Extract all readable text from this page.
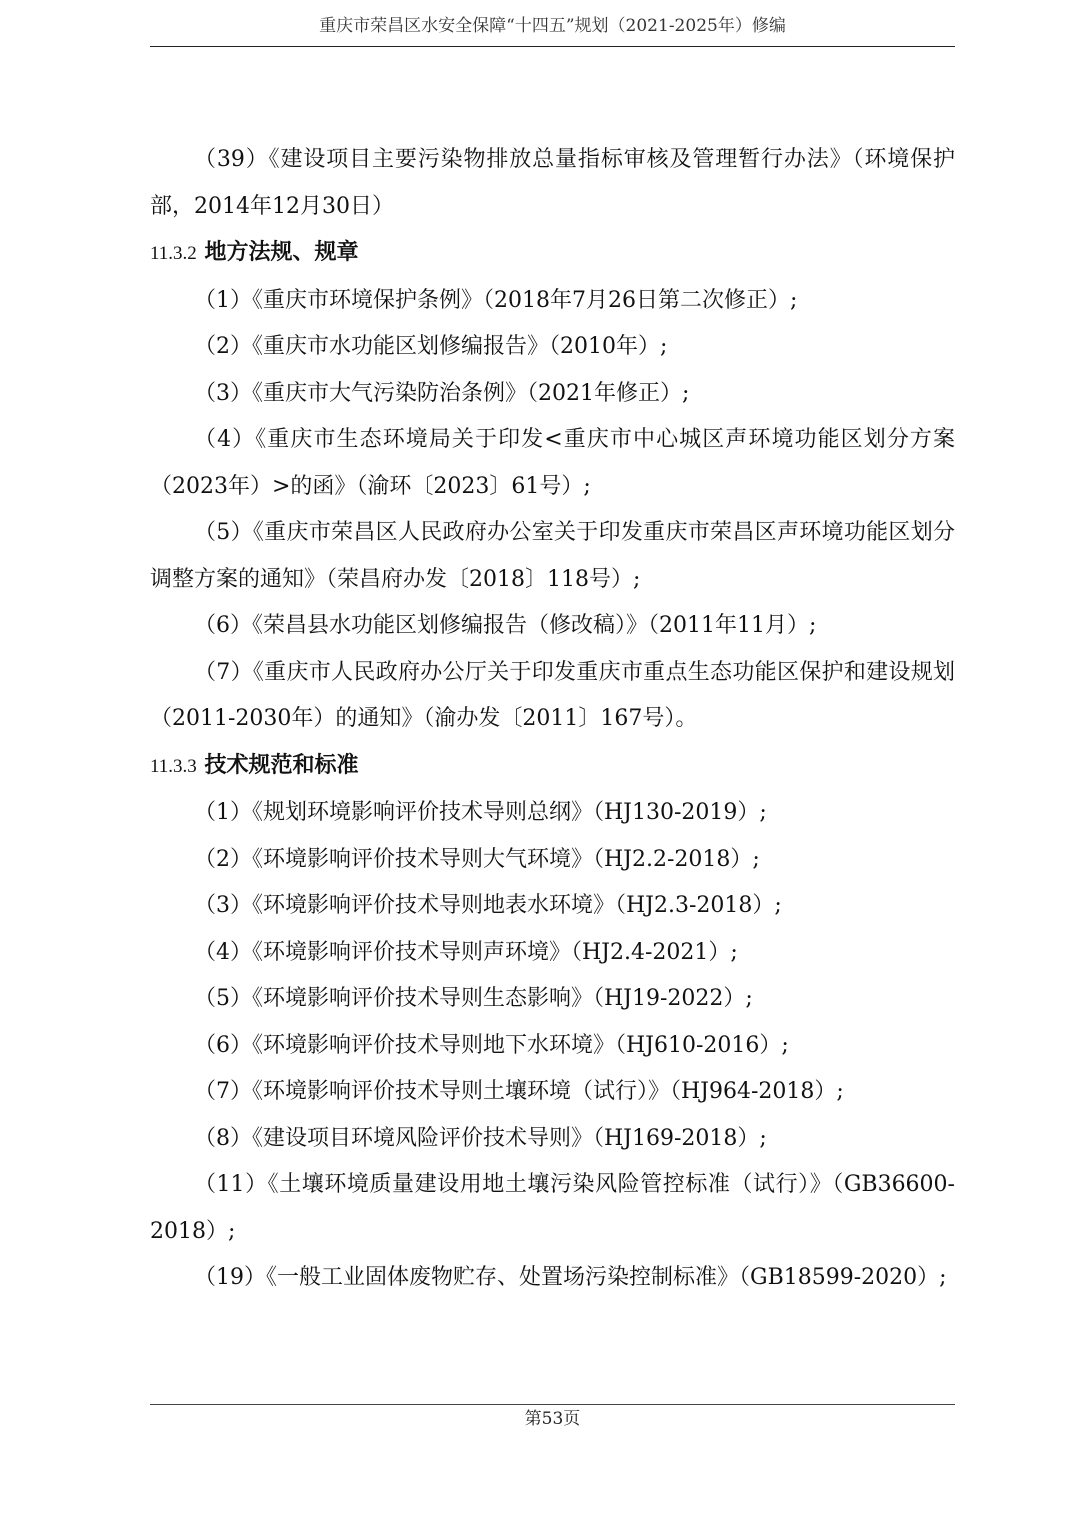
重庆市荣昌区水安全保障“十四五”规划（2021-2025年）修编

（39）《建设项目主要污染物排放总量指标审核及管理暂行办法》（环境保护部，2014年12月30日）

11.3.2 地方法规、规章

（1）《重庆市环境保护条例》（2018年7月26日第二次修正）;

（2）《重庆市水功能区划修编报告》（2010年）;

（3）《重庆市大气污染防治条例》（2021年修正）;

（4）《重庆市生态环境局关于印发<重庆市中心城区声环境功能区划分方案（2023年）>的函》（渝环〔2023〕61号）;

（5）《重庆市荣昌区人民政府办公室关于印发重庆市荣昌区声环境功能区划分调整方案的通知》（荣昌府办发〔2018〕118号）;

（6）《荣昌县水功能区划修编报告（修改稿）》（2011年11月）;

（7）《重庆市人民政府办公厅关于印发重庆市重点生态功能区保护和建设规划（2011-2030年）的通知》（渝办发〔2011〕167号）。

11.3.3 技术规范和标准

（1）《规划环境影响评价技术导则总纲》（HJ130-2019）;

（2）《环境影响评价技术导则大气环境》（HJ2.2-2018）;

（3）《环境影响评价技术导则地表水环境》（HJ2.3-2018）;

（4）《环境影响评价技术导则声环境》（HJ2.4-2021）;

（5）《环境影响评价技术导则生态影响》（HJ19-2022）;

（6）《环境影响评价技术导则地下水环境》（HJ610-2016）;

（7）《环境影响评价技术导则土壤环境（试行）》（HJ964-2018）;

（8）《建设项目环境风险评价技术导则》（HJ169-2018）;

（11）《土壤环境质量建设用地土壤污染风险管控标准（试行）》（GB36600-2018）;

（19）《一般工业固体废物贮存、处置场污染控制标准》（GB18599-2020）;

第53页
